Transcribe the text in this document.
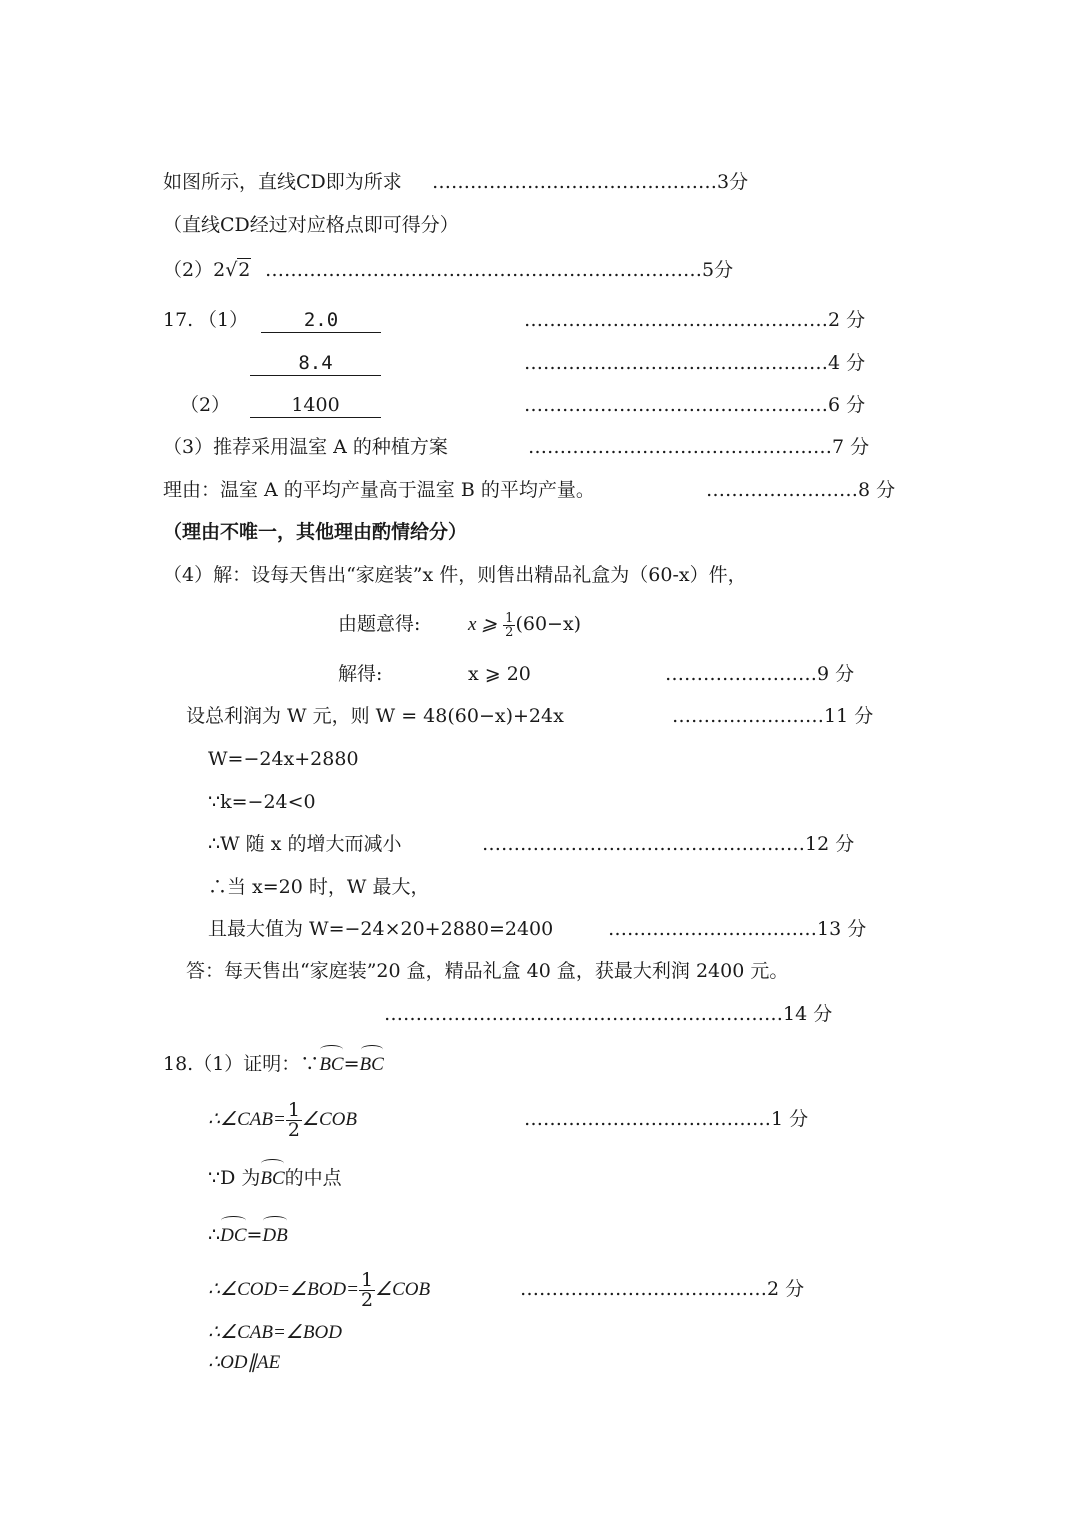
如图所示，直线CD即为所求 ………………………………………3分
（直线CD经过对应格点即可得分）
（2）2√2 ……………………………………………………………5分
17. （1）	2.0	…………………………………………2 分
8.4	…………………………………………4 分
（2）	1400	…………………………………………6 分
（3）推荐采用温室 A 的种植方案	…………………………………………7 分
理由：温室 A 的平均产量高于温室 B 的平均产量。	……………………8 分
（理由不唯一，其他理由酌情给分）
（4）解：设每天售出“家庭装”x 件，则售出精品礼盒为（60-x）件，
由题意得:	x ⩾ $\frac{1}{2} (60-x)$
解得:	x ⩾ 20	……………………9 分
设总利润为 W 元，则 W = 48(60−x)+24x	……………………11 分
W=−24x+2880
∵k=−24<0
∴W 随 x 的增大而减小	……………………………………………12 分
∴当 x=20 时，W 最大，
且最大值为 W=−24×20+2880=2400	……………………………13 分
答：每天售出“家庭装”20 盒，精品礼盒 40 盒，获最大利润 2400 元。
………………………………………………………14 分
18.（1）证明：∵BC=BC
∴∠CAB= $\frac{1}{2}$ ∠COB	…………………………………1 分
∵D 为BC的中点
∴DC=DB
∴∠COD=∠BOD= $\frac{1}{2}$ ∠COB	…………………………………2 分
∴∠CAB=∠BOD
∴OD∥AE
